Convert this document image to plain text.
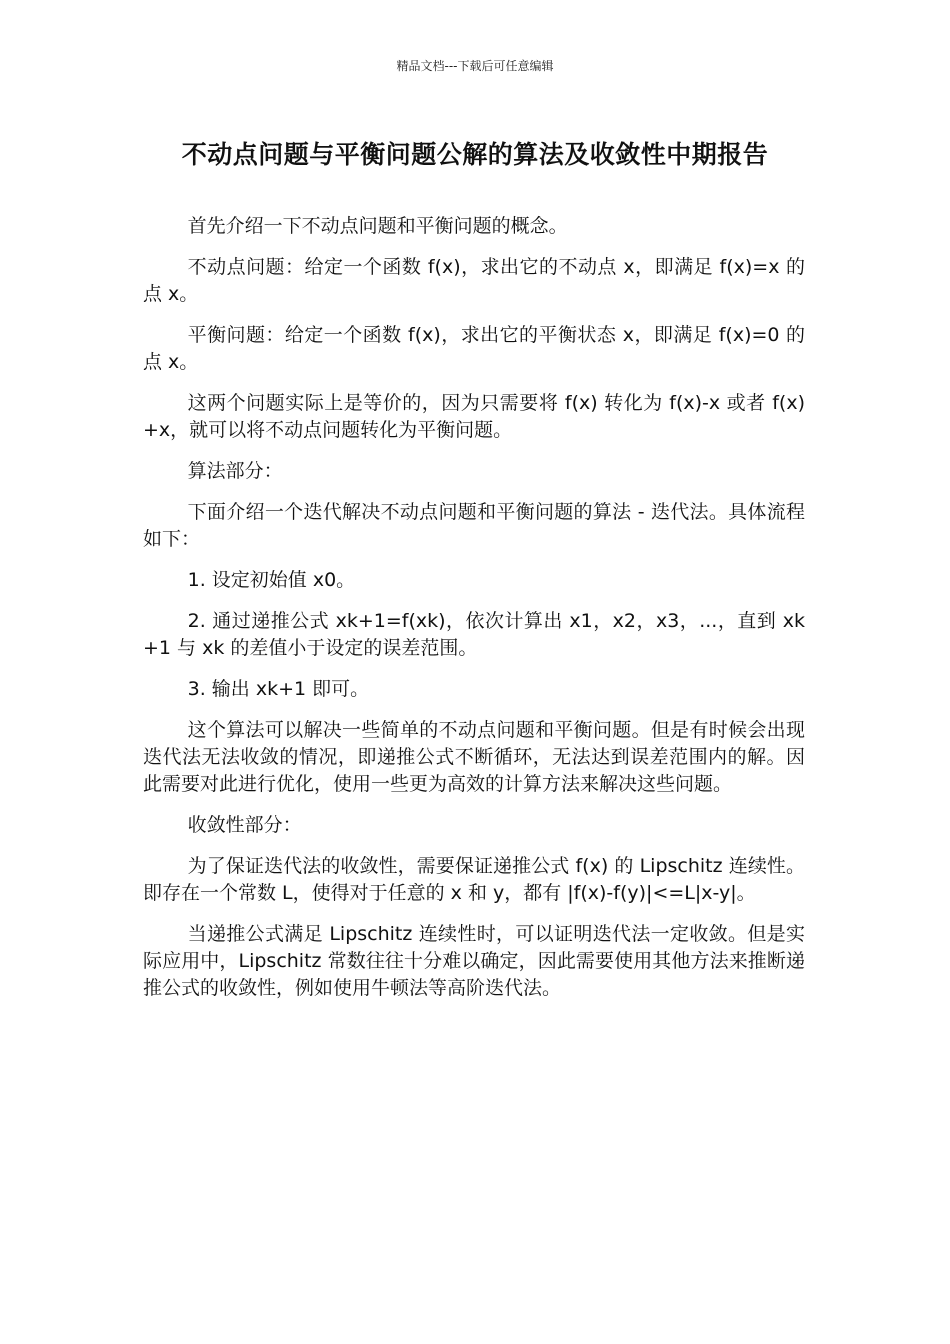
精品文档---下载后可任意编辑

不动点问题与平衡问题公解的算法及收敛性中期报告

首先介绍一下不动点问题和平衡问题的概念。

不动点问题：给定一个函数 f(x)，求出它的不动点 x，即满足 f(x)=x 的点 x。

平衡问题：给定一个函数 f(x)，求出它的平衡状态 x，即满足 f(x)=0 的点 x。

这两个问题实际上是等价的，因为只需要将 f(x) 转化为 f(x)-x 或者 f(x)+x，就可以将不动点问题转化为平衡问题。

算法部分：

下面介绍一个迭代解决不动点问题和平衡问题的算法 - 迭代法。具体流程如下：

1. 设定初始值 x0。

2. 通过递推公式 xk+1=f(xk)，依次计算出 x1，x2，x3，...，直到 xk+1 与 xk 的差值小于设定的误差范围。

3. 输出 xk+1 即可。

这个算法可以解决一些简单的不动点问题和平衡问题。但是有时候会出现迭代法无法收敛的情况，即递推公式不断循环，无法达到误差范围内的解。因此需要对此进行优化，使用一些更为高效的计算方法来解决这些问题。

收敛性部分：

为了保证迭代法的收敛性，需要保证递推公式 f(x) 的 Lipschitz 连续性。即存在一个常数 L，使得对于任意的 x 和 y，都有 |f(x)-f(y)|<=L|x-y|。

当递推公式满足 Lipschitz 连续性时，可以证明迭代法一定收敛。但是实际应用中，Lipschitz 常数往往十分难以确定，因此需要使用其他方法来推断递推公式的收敛性，例如使用牛顿法等高阶迭代法。
